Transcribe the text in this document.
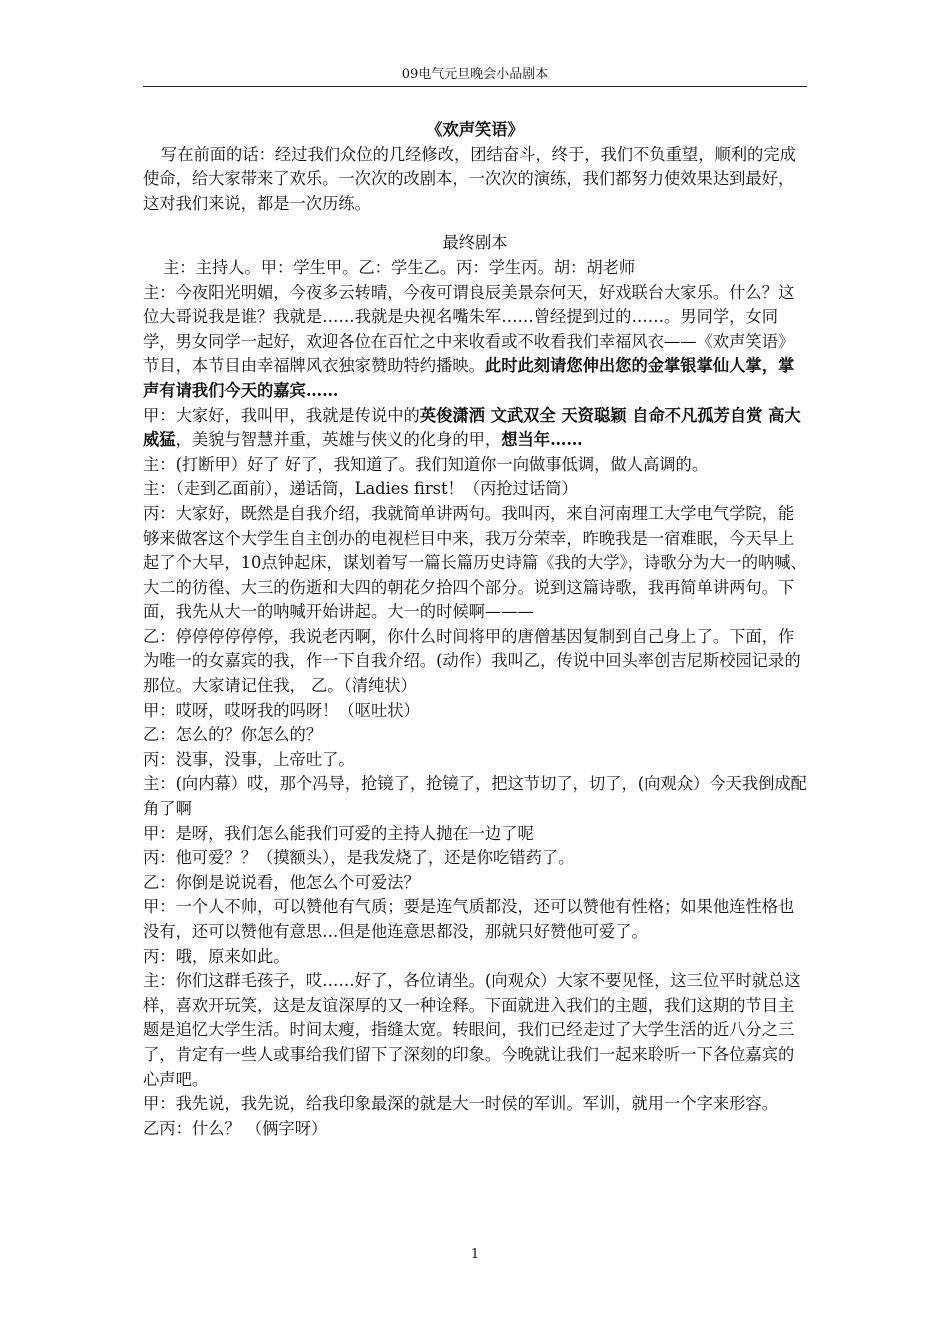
09电气元旦晚会小品剧本

《欢声笑语》

写在前面的话：经过我们众位的几经修改，团结奋斗，终于，我们不负重望，顺利的完成使命，给大家带来了欢乐。一次次的改剧本，一次次的演练，我们都努力使效果达到最好，这对我们来说，都是一次历练。

最终剧本

主：主持人。甲：学生甲。乙：学生乙。丙：学生丙。胡：胡老师

主：今夜阳光明媚，今夜多云转晴，今夜可谓良辰美景奈何天，好戏联台大家乐。什么？这位大哥说我是谁？我就是……我就是央视名嘴朱军……曾经提到过的……。男同学，女同学，男女同学一起好，欢迎各位在百忙之中来收看或不收看我们幸福风衣——《欢声笑语》节目，本节目由幸福牌风衣独家赞助特约播映。此时此刻请您伸出您的金掌银掌仙人掌，掌声有请我们今天的嘉宾……

甲：大家好，我叫甲，我就是传说中的英俊潇洒 文武双全 天资聪颖 自命不凡孤芳自赏 高大威猛，美貌与智慧并重，英雄与侠义的化身的甲，想当年……

主：(打断甲）好了 好了，我知道了。我们知道你一向做事低调，做人高调的。

主：（走到乙面前），递话筒，Ladies first！（丙抢过话筒）

丙：大家好，既然是自我介绍，我就简单讲两句。我叫丙，来自河南理工大学电气学院，能够来做客这个大学生自主创办的电视栏目中来，我万分荣幸，昨晚我是一宿难眠，今天早上起了个大早，10点钟起床，谋划着写一篇长篇历史诗篇《我的大学》，诗歌分为大一的呐喊、大二的彷徨、大三的伤逝和大四的朝花夕拾四个部分。说到这篇诗歌，我再简单讲两句。下面，我先从大一的呐喊开始讲起。大一的时候啊———

乙：停停停停停停，我说老丙啊，你什么时间将甲的唐僧基因复制到自己身上了。下面，作为唯一的女嘉宾的我，作一下自我介绍。(动作）我叫乙，传说中回头率创吉尼斯校园记录的那位。大家请记住我， 乙。（清纯状）

甲：哎呀，哎呀我的吗呀！（呕吐状）

乙：怎么的？你怎么的？

丙：没事，没事，上帝吐了。

主：(向内幕）哎，那个冯导，抢镜了，抢镜了，把这节切了，切了，(向观众）今天我倒成配角了啊

甲：是呀，我们怎么能我们可爱的主持人抛在一边了呢

丙：他可爱？？（摸额头），是我发烧了，还是你吃错药了。

乙：你倒是说说看，他怎么个可爱法？

甲：一个人不帅，可以赞他有气质；要是连气质都没，还可以赞他有性格；如果他连性格也没有，还可以赞他有意思…但是他连意思都没，那就只好赞他可爱了。

丙：哦，原来如此。

主：你们这群毛孩子，哎……好了，各位请坐。(向观众）大家不要见怪，这三位平时就总这样，喜欢开玩笑，这是友谊深厚的又一种诠释。下面就进入我们的主题，我们这期的节目主题是追忆大学生活。时间太瘦，指缝太宽。转眼间，我们已经走过了大学生活的近八分之三了，肯定有一些人或事给我们留下了深刻的印象。今晚就让我们一起来聆听一下各位嘉宾的心声吧。

甲：我先说，我先说，给我印象最深的就是大一时侯的军训。军训，就用一个字来形容。

乙丙：什么？ （俩字呀）

1
